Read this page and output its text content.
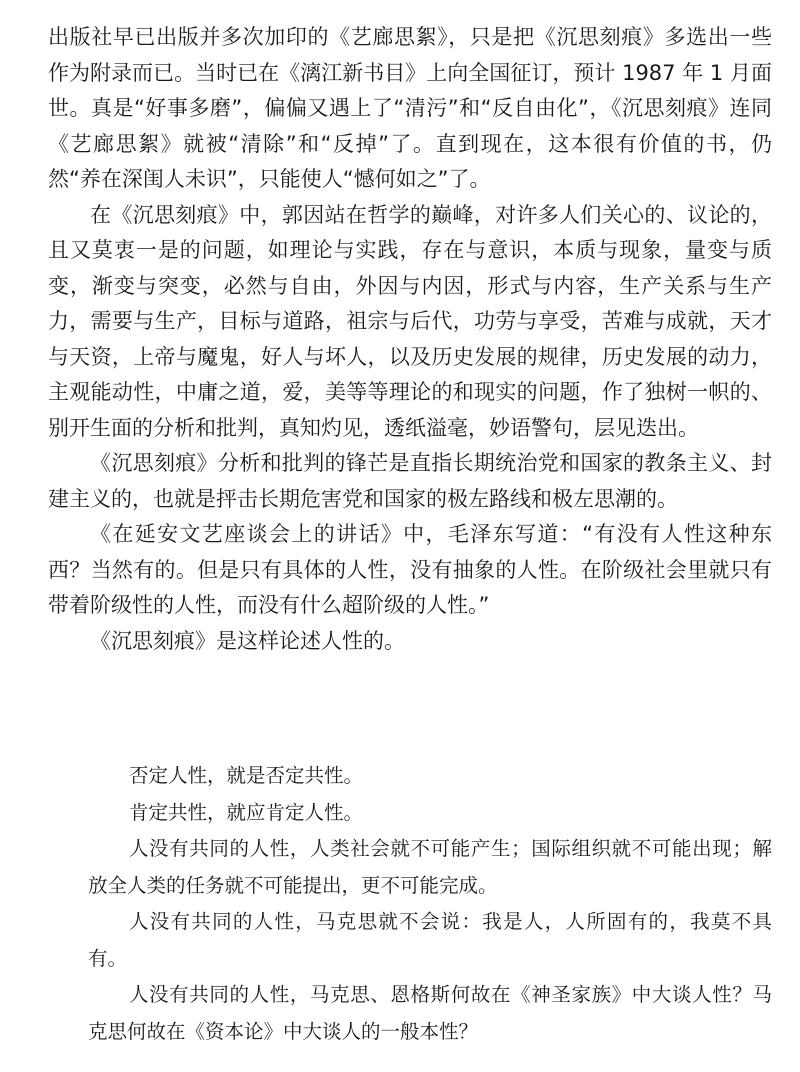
出版社早已出版并多次加印的《艺廊思絮》，只是把《沉思刻痕》多选出一些作为附录而已。当时已在《漓江新书目》上向全国征订，预计 1987 年 1 月面世。真是“好事多磨”，偏偏又遇上了“清污”和“反自由化”，《沉思刻痕》连同《艺廊思絮》就被“清除”和“反掉”了。直到现在，这本很有价值的书，仍然“养在深闺人未识”，只能使人“憾何如之”了。

在《沉思刻痕》中，郭因站在哲学的巅峰，对许多人们关心的、议论的，且又莫衷一是的问题，如理论与实践，存在与意识，本质与现象，量变与质变，渐变与突变，必然与自由，外因与内因，形式与内容，生产关系与生产力，需要与生产，目标与道路，祖宗与后代，功劳与享受，苦难与成就，天才与天资，上帝与魔鬼，好人与坏人，以及历史发展的规律，历史发展的动力，主观能动性，中庸之道，爱，美等等理论的和现实的问题，作了独树一帜的、别开生面的分析和批判，真知灼见，透纸溢毫，妙语警句，层见迭出。

《沉思刻痕》分析和批判的锋芒是直指长期统治党和国家的教条主义、封建主义的，也就是抨击长期危害党和国家的极左路线和极左思潮的。

《在延安文艺座谈会上的讲话》中，毛泽东写道：“有没有人性这种东西？当然有的。但是只有具体的人性，没有抽象的人性。在阶级社会里就只有带着阶级性的人性，而没有什么超阶级的人性。”

《沉思刻痕》是这样论述人性的。

否定人性，就是否定共性。

肯定共性，就应肯定人性。

人没有共同的人性，人类社会就不可能产生；国际组织就不可能出现；解放全人类的任务就不可能提出，更不可能完成。

人没有共同的人性，马克思就不会说：我是人，人所固有的，我莫不具有。

人没有共同的人性，马克思、恩格斯何故在《神圣家族》中大谈人性？马克思何故在《资本论》中大谈人的一般本性？
